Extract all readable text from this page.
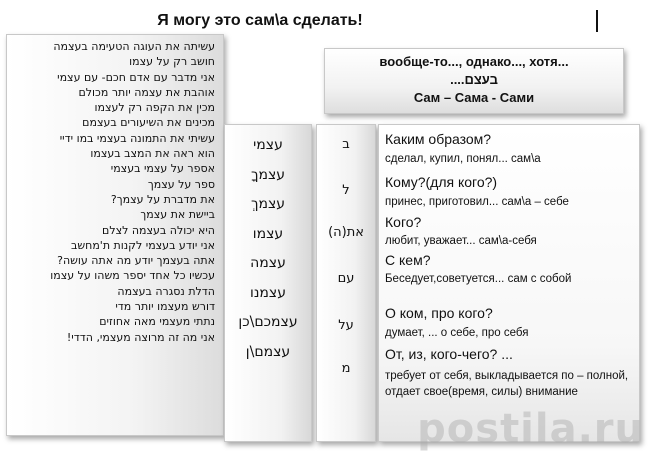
Я могу это сам\а сделать!
עשיתה את העוגה הטעימה בעצמה
חושב רק על עצמו
אני מדבר עם אדם חכם- עם עצמי
אוהבת את עצמה יותר מכולם
מכין את הקפה רק לעצמו
מכינים את השיעורים בעצמם
עשיתי את התמונה בעצמי במו ידיי
הוא ראה את המצב בעצמו
אספר על עצמי בעצמי
ספר על עצמך
את מדברת על עצמך?
ביישת את עצמך
היא יכולה בעצמה לצלם
אני יודע בעצמי לקנות ת'מחשב
אתה בעצמך יודע מה אתה עושה?
עכשיו כל אחד יספר משהו על עצמו
הדלת נסגרה בעצמה
דורש מעצמו יותר מדי
נתתי מעצמי מאה אחוזים
אני מה זה מרוצה מעצמי, הדדי!
вообще-то..., однако..., хотя...
בעצם....
Сам – Сама - Сами
עצמי
עצמךָ
עצמךְ
עצמו
עצמה
עצמנו
עצמכם\כן
עצמם\ן
ב
ל
את(ה)
עם
על
מ
Каким образом?
сделал, купил, понял... сам\а
Кому?(для кого?)
принес, приготовил... сам\а – себе
Кого?
любит, уважает... сам\а-себя
С кем?
Беседует,советуется... сам с собой
О ком, про кого?
думает, ... о себе, про себя
От, из, кого-чего? ...
требует от себя, выкладывается по – полной, отдает свое(время, силы) внимание
postila.ru
